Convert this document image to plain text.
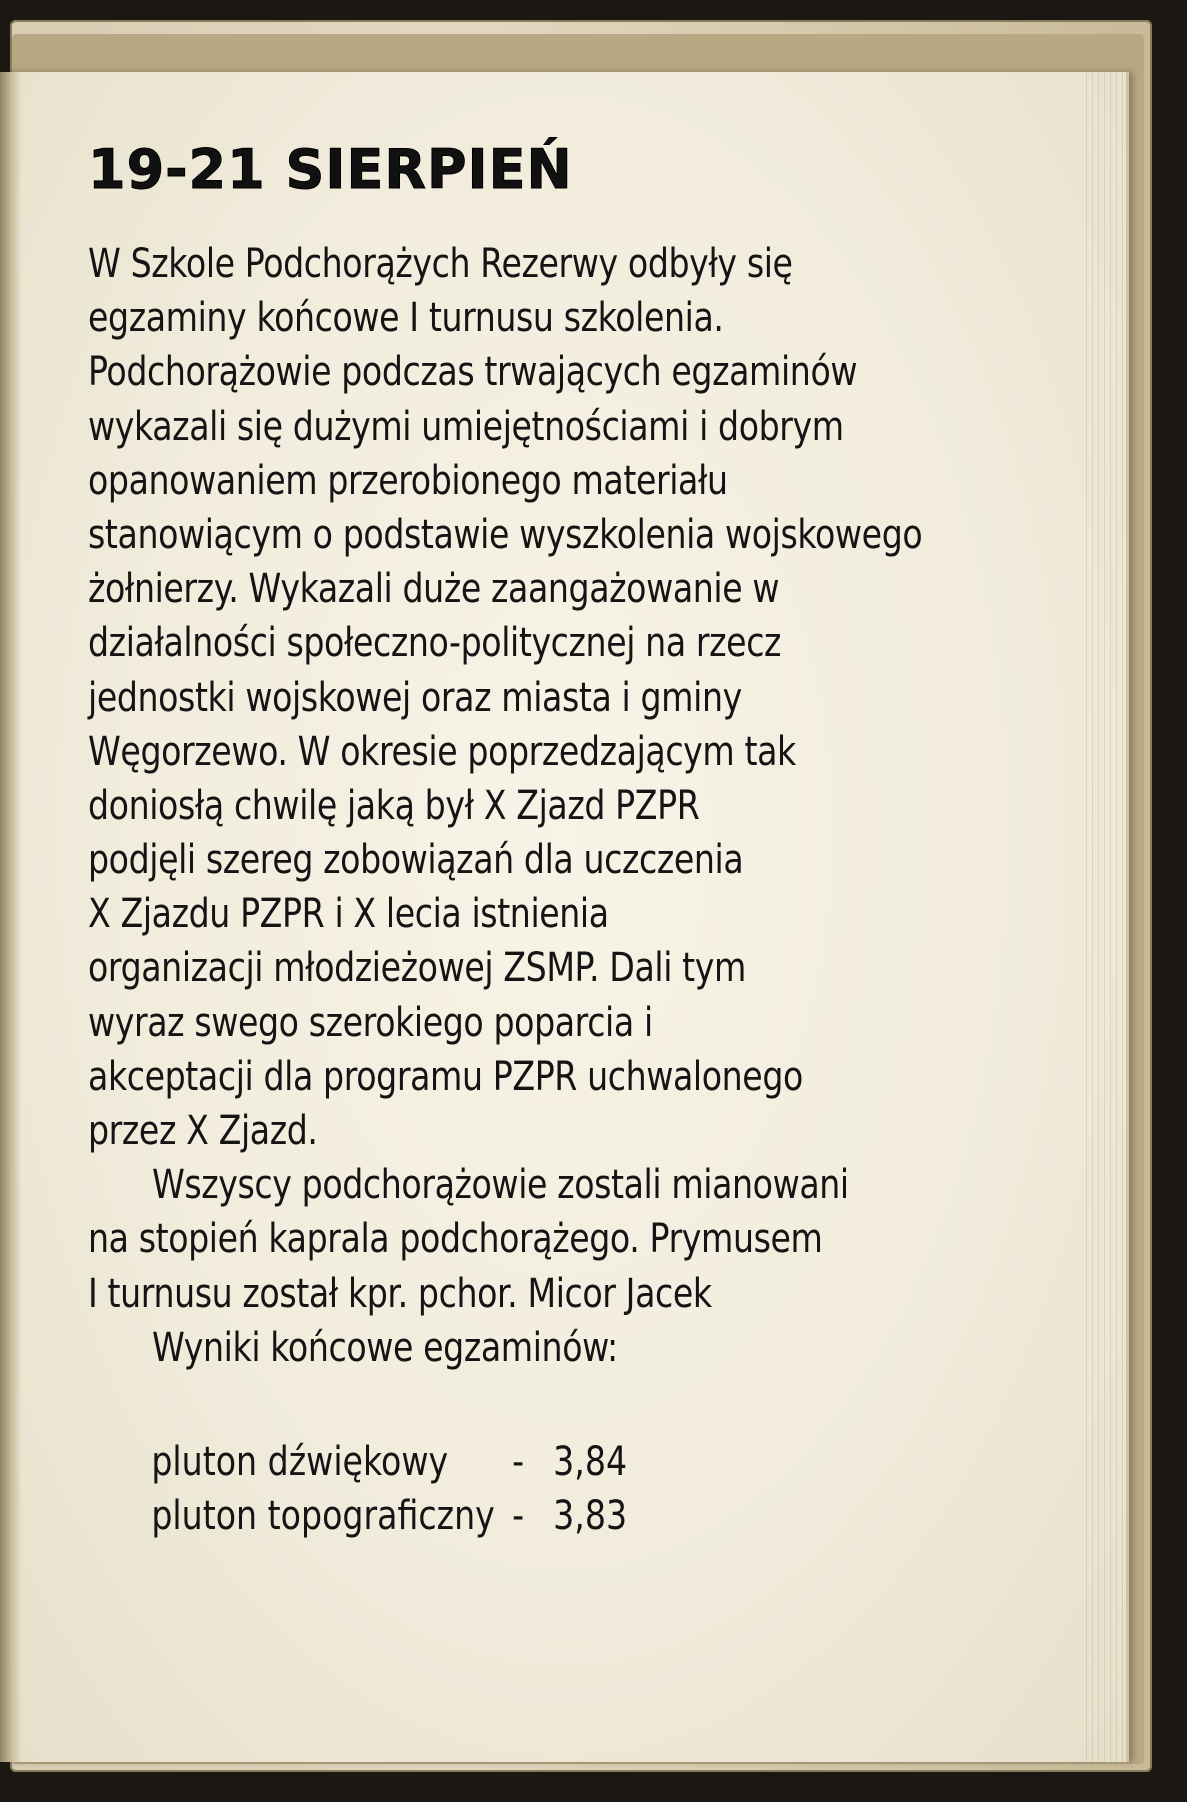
19-21 SIERPIEŃ
W Szkole Podchorążych Rezerwy odbyły się
egzaminy końcowe I turnusu szkolenia.
Podchorążowie podczas trwających egzaminów
wykazali się dużymi umiejętnościami i dobrym
opanowaniem przerobionego materiału
stanowiącym o podstawie wyszkolenia wojskowego
żołnierzy. Wykazali duże zaangażowanie w
działalności społeczno-politycznej na rzecz
jednostki wojskowej oraz miasta i gminy
Węgorzewo. W okresie poprzedzającym tak
doniosłą chwilę jaką był X Zjazd PZPR
podjęli szereg zobowiązań dla uczczenia
X Zjazdu PZPR i X lecia istnienia
organizacji młodzieżowej ZSMP. Dali tym
wyraz swego szerokiego poparcia i
akceptacji dla programu PZPR uchwalonego
przez X Zjazd.
Wszyscy podchorążowie zostali mianowani
na stopień kaprala podchorążego. Prymusem
I turnusu został kpr. pchor. Micor Jacek
Wyniki końcowe egzaminów:

pluton dźwiękowy - 3,84

pluton topograficzny - 3,83
